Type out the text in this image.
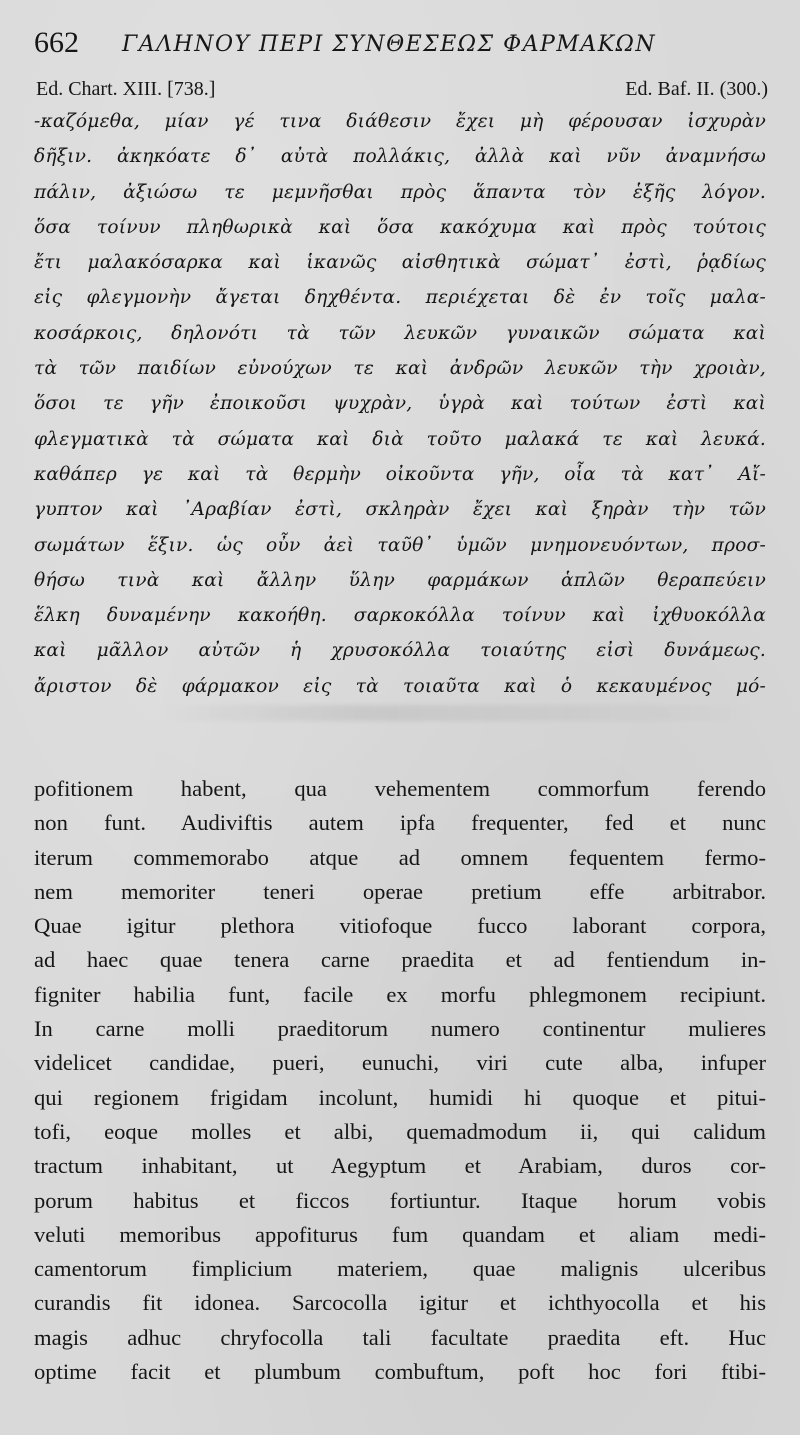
662 ΓΑΛΗΝΟΥ ΠΕΡΙ ΣΥΝΘΕΣΕΩΣ ΦΑΡΜΑΚΩΝ
Ed. Chart. XIII. [738.]	Ed. Baf. II. (300.)
-καζόμεθα, μίαν γέ τινα διάθεσιν ἔχει μὴ φέρουσαν ἰσχυρὰν
δῆξιν. ἀκηκόατε δ᾽ αὐτὰ πολλάκις, ἀλλὰ καὶ νῦν ἀναμνήσω
πάλιν, ἀξιώσω τε μεμνῆσθαι πρὸς ἅπαντα τὸν ἑξῆς λόγον.
ὅσα τοίνυν πληθωρικὰ καὶ ὅσα κακόχυμα καὶ πρὸς τούτοις
ἔτι μαλακόσαρκα καὶ ἱκανῶς αἰσθητικὰ σώματ᾽ ἐστὶ, ῥᾳδίως
εἰς φλεγμονὴν ἄγεται δηχθέντα. περιέχεται δὲ ἐν τοῖς μαλα-
κοσάρκοις, δηλονότι τὰ τῶν λευκῶν γυναικῶν σώματα καὶ
τὰ τῶν παιδίων εὐνούχων τε καὶ ἀνδρῶν λευκῶν τὴν χροιὰν,
ὅσοι τε γῆν ἐποικοῦσι ψυχρὰν, ὑγρὰ καὶ τούτων ἐστὶ καὶ
φλεγματικὰ τὰ σώματα καὶ διὰ τοῦτο μαλακά τε καὶ λευκά.
καθάπερ γε καὶ τὰ θερμὴν οἰκοῦντα γῆν, οἷα τὰ κατ᾽ Αἴ-
γυπτον καὶ ᾽Αραβίαν ἐστὶ, σκληρὰν ἔχει καὶ ξηρὰν τὴν τῶν
σωμάτων ἕξιν. ὡς οὖν ἀεὶ ταῦθ᾽ ὑμῶν μνημονευόντων, προσ-
θήσω τινὰ καὶ ἄλλην ὕλην φαρμάκων ἁπλῶν θεραπεύειν
ἕλκη δυναμένην κακοήθη. σαρκοκόλλα τοίνυν καὶ ἰχθυοκόλλα
καὶ μᾶλλον αὐτῶν ἡ χρυσοκόλλα τοιαύτης εἰσὶ δυνάμεως.
ἄριστον δὲ φάρμακον εἰς τὰ τοιαῦτα καὶ ὁ κεκαυμένος μό-
pofitionem habent, qua vehementem commorfum ferendo
non funt. Audiviftis autem ipfa frequenter, fed et nunc
iterum commemorabo atque ad omnem fequentem fermo-
nem memoriter teneri operae pretium effe arbitrabor.
Quae igitur plethora vitiofoque fucco laborant corpora,
ad haec quae tenera carne praedita et ad fentiendum in-
figniter habilia funt, facile ex morfu phlegmonem recipiunt.
In carne molli praeditorum numero continentur mulieres
videlicet candidae, pueri, eunuchi, viri cute alba, infuper
qui regionem frigidam incolunt, humidi hi quoque et pitui-
tofi, eoque molles et albi, quemadmodum ii, qui calidum
tractum inhabitant, ut Aegyptum et Arabiam, duros cor-
porum habitus et ficcos fortiuntur. Itaque horum vobis
veluti memoribus appofiturus fum quandam et aliam medi-
camentorum fimplicium materiem, quae malignis ulceribus
curandis fit idonea. Sarcocolla igitur et ichthyocolla et his
magis adhuc chryfocolla tali facultate praedita eft. Huc
optime facit et plumbum combuftum, poft hoc fori ftibi-
